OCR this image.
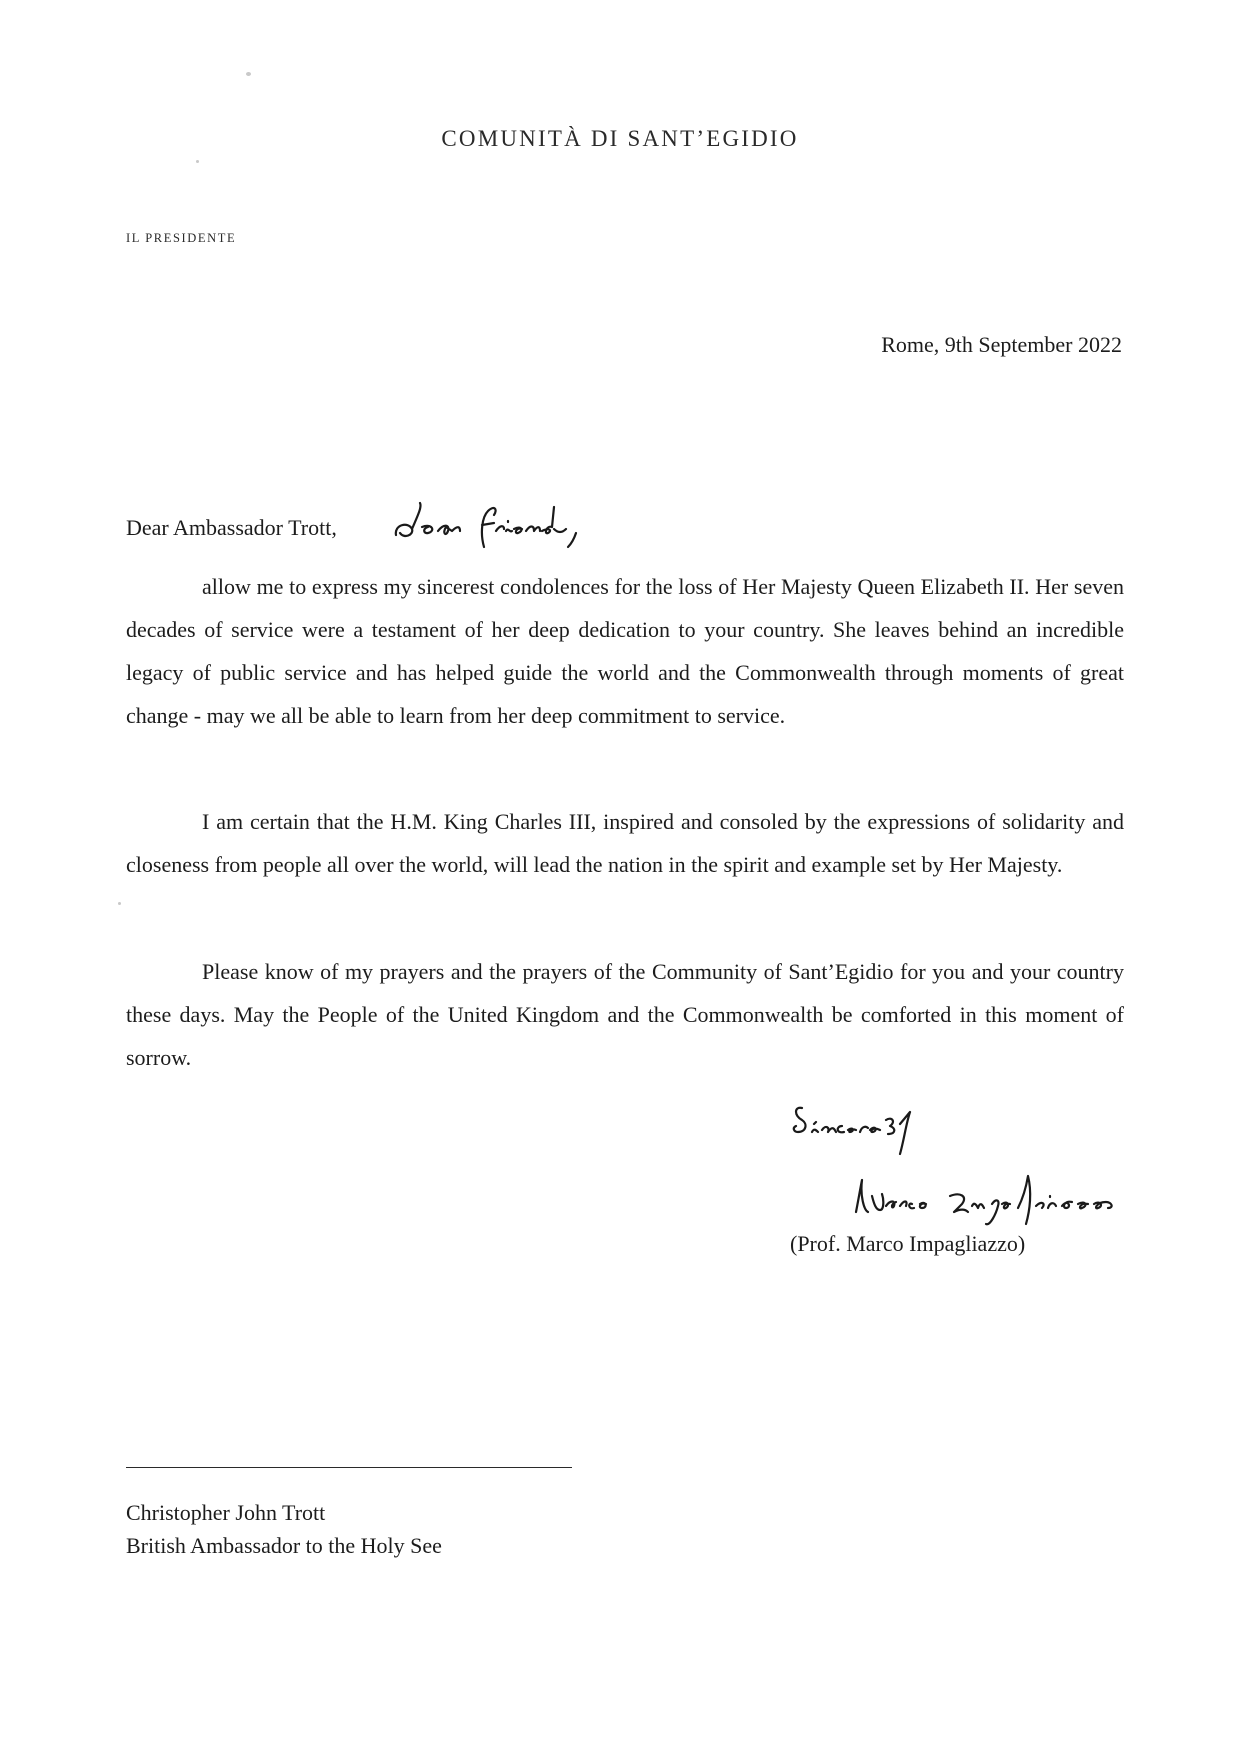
COMUNITÀ DI SANT’EGIDIO
IL PRESIDENTE
Rome, 9th September 2022
Dear Ambassador Trott,

allow me to express my sincerest condolences for the loss of Her Majesty Queen Elizabeth II. Her seven decades of service were a testament of her deep dedication to your country. She leaves behind an incredible legacy of public service and has helped guide the world and the Commonwealth through moments of great change - may we all be able to learn from her deep commitment to service.

I am certain that the H.M. King Charles III, inspired and consoled by the expressions of solidarity and closeness from people all over the world, will lead the nation in the spirit and example set by Her Majesty.

Please know of my prayers and the prayers of the Community of Sant’Egidio for you and your country these days. May the People of the United Kingdom and the Commonwealth be comforted in this moment of sorrow.

(Prof. Marco Impagliazzo)
Christopher John Trott
British Ambassador to the Holy See
